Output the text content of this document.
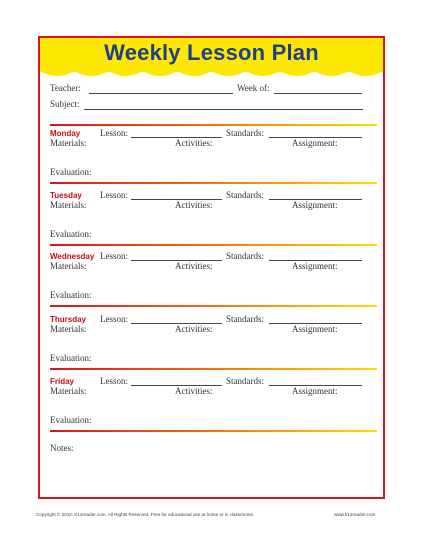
Weekly Lesson Plan
Teacher:	Week of:
Subject:
Monday Lesson:	Standards:
Materials:	Activities:	Assignment:
Evaluation:
Tuesday Lesson:	Standards:
Materials:	Activities:	Assignment:
Evaluation:
Wednesday Lesson:	Standards:
Materials:	Activities:	Assignment:
Evaluation:
Thursday Lesson:	Standards:
Materials:	Activities:	Assignment:
Evaluation:
Friday	Lesson:	Standards:
Materials:	Activities:	Assignment:
Evaluation:
Notes:
Copyright © 2012. K12reader.com. All Rights Reserved. Free for educational use at home or in classrooms.	www.k12reader.com
